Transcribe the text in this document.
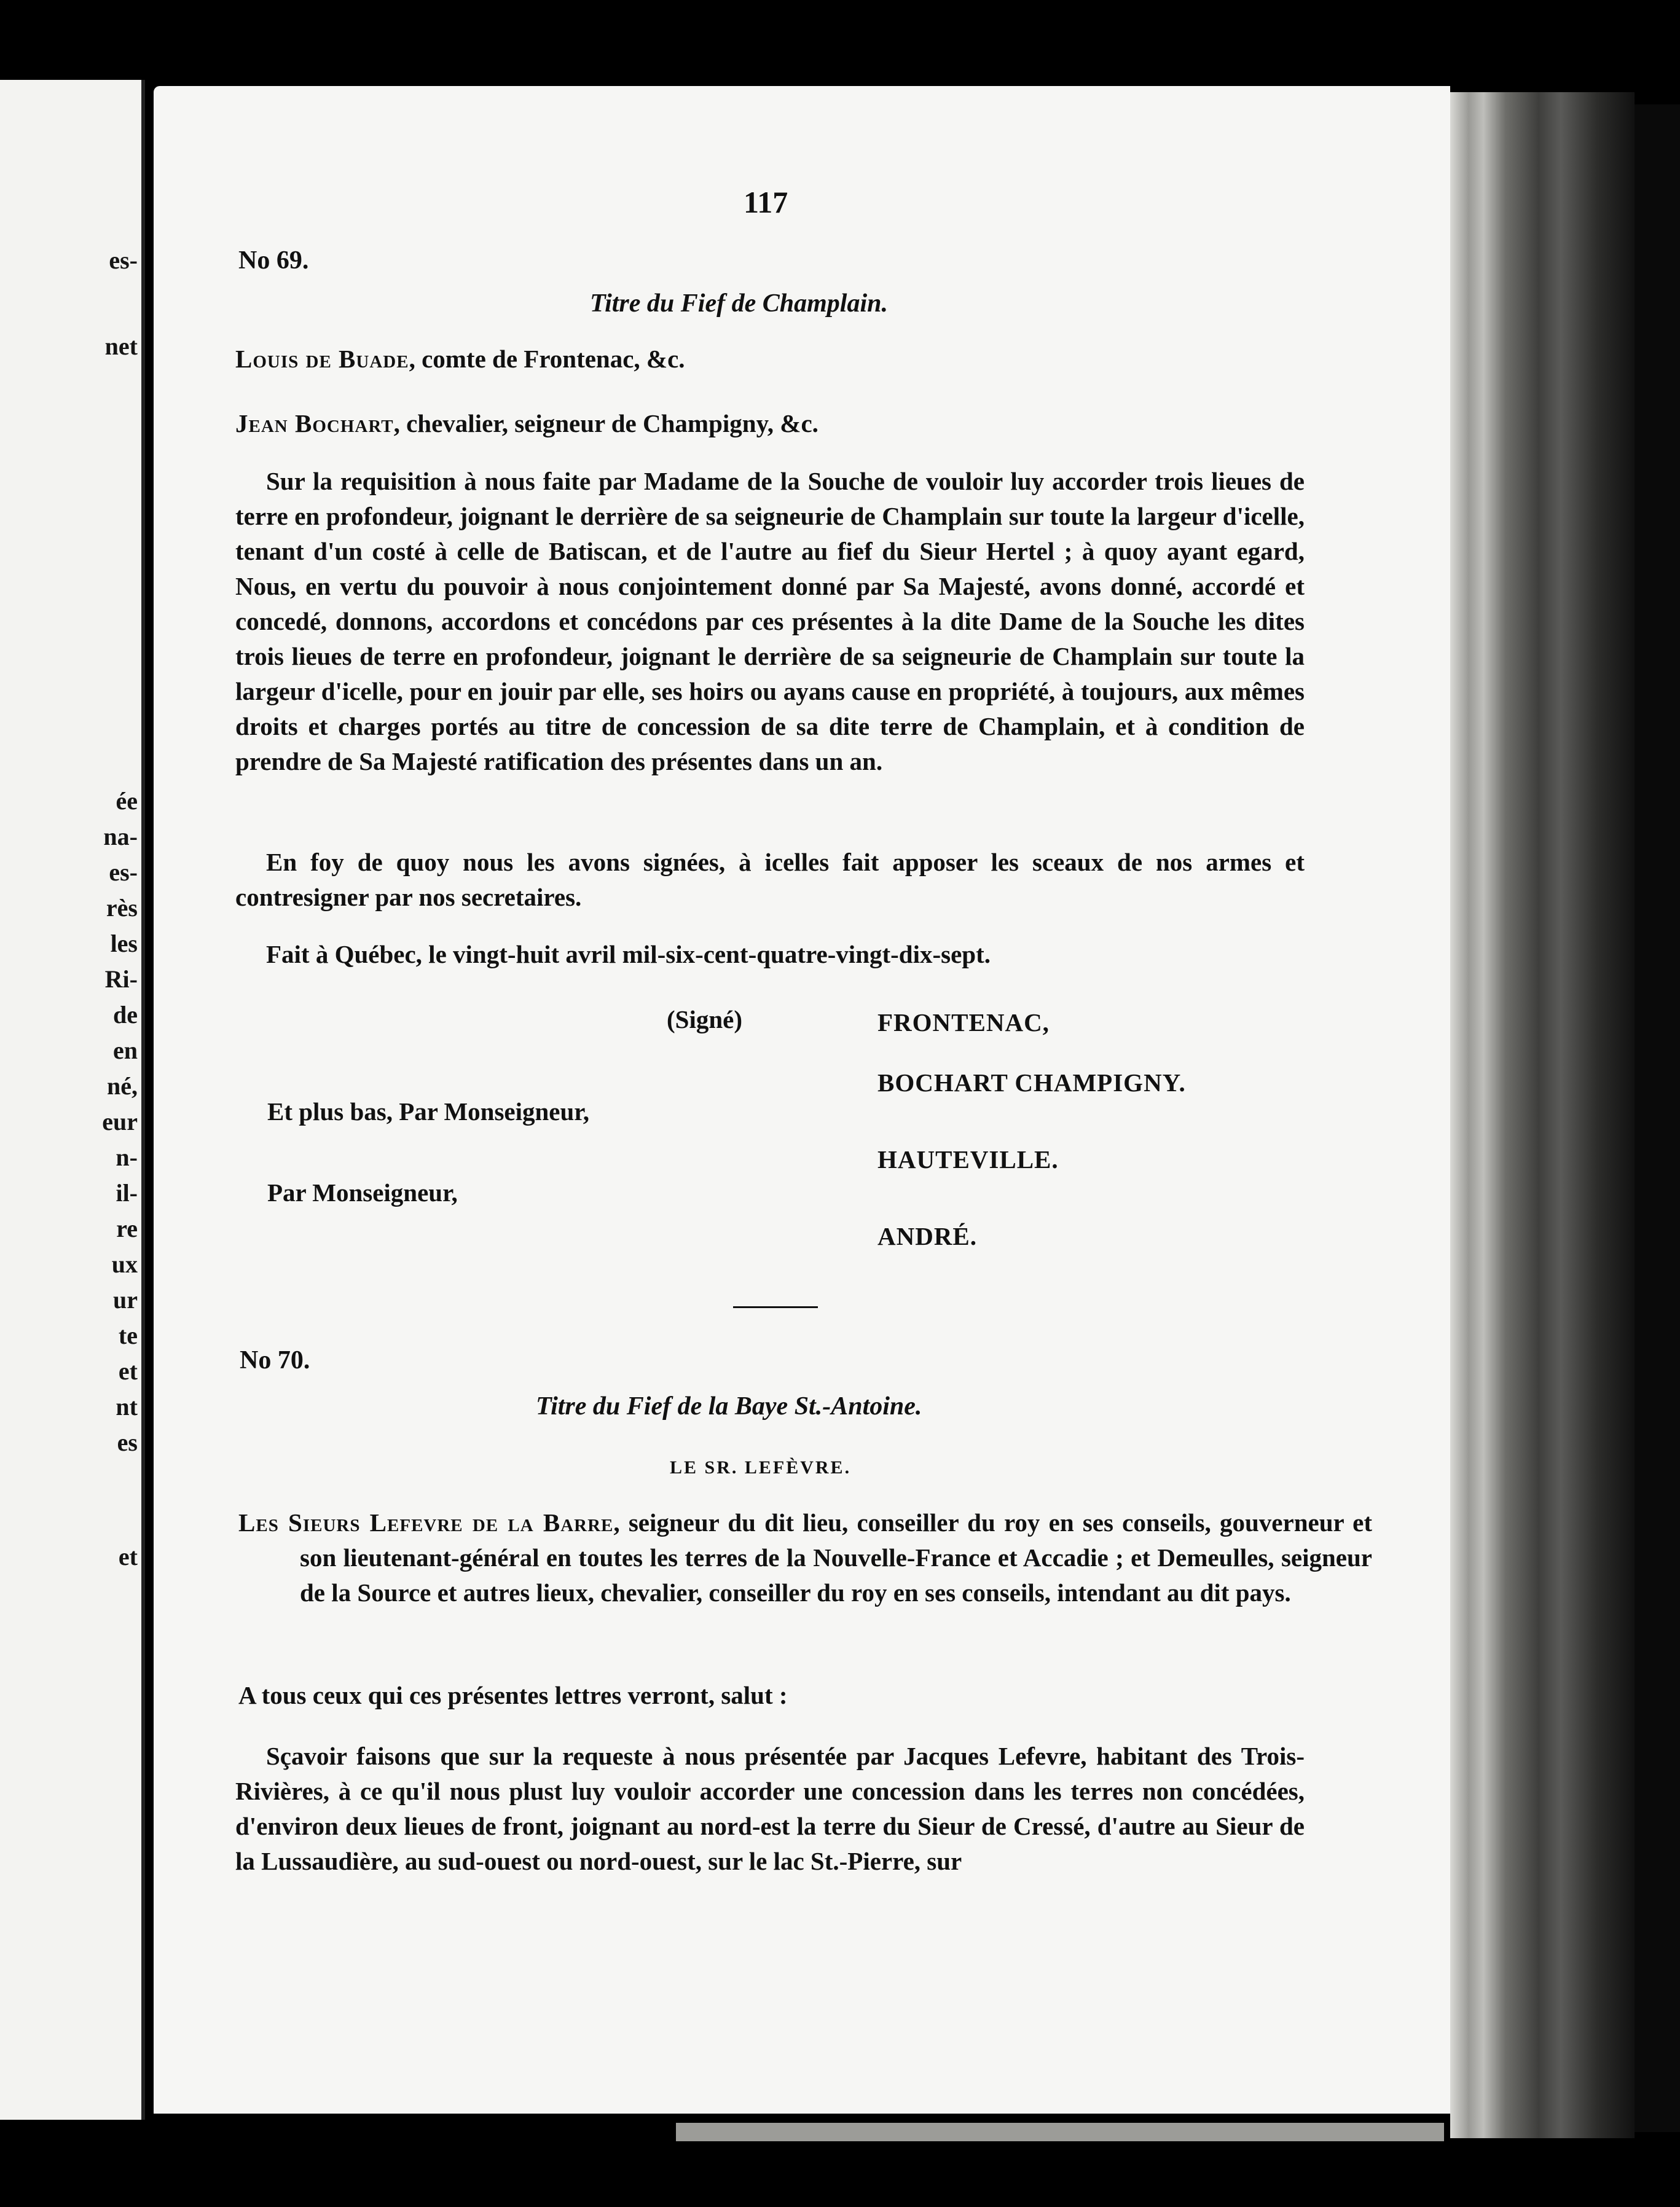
es-
net
ée
na-
es-
rès
les
Ri-
de
en
né,
eur
n-
il-
re
ux
ur
te
et
nt
es
et
117
No 69.
Titre du Fief de Champlain.
Louis de Buade, comte de Frontenac, &c.
Jean Bochart, chevalier, seigneur de Champigny, &c.
Sur la requisition à nous faite par Madame de la Souche de vouloir luy accorder trois lieues de terre en profondeur, joignant le derrière de sa seigneurie de Champlain sur toute la largeur d'icelle, tenant d'un costé à celle de Batiscan, et de l'autre au fief du Sieur Hertel ; à quoy ayant egard, Nous, en vertu du pouvoir à nous conjointement donné par Sa Majesté, avons donné, accordé et concedé, donnons, accordons et concédons par ces présentes à la dite Dame de la Souche les dites trois lieues de terre en profondeur, joignant le derrière de sa seigneurie de Champlain sur toute la largeur d'icelle, pour en jouir par elle, ses hoirs ou ayans cause en propriété, à toujours, aux mêmes droits et charges portés au titre de concession de sa dite terre de Champlain, et à condition de prendre de Sa Majesté ratification des présentes dans un an.
En foy de quoy nous les avons signées, à icelles fait apposer les sceaux de nos armes et contresigner par nos secretaires.
Fait à Québec, le vingt-huit avril mil-six-cent-quatre-vingt-dix-sept.
(Signé)	FRONTENAC,
BOCHART CHAMPIGNY.
Et plus bas, Par Monseigneur,
HAUTEVILLE.
Par Monseigneur,
ANDRÉ.
No 70.
Titre du Fief de la Baye St.-Antoine.
LE SR. LEFÈVRE.
Les Sieurs Lefevre de la Barre, seigneur du dit lieu, conseiller du roy en ses conseils, gouverneur et son lieutenant-général en toutes les terres de la Nouvelle-France et Accadie ; et Demeulles, seigneur de la Source et autres lieux, chevalier, conseiller du roy en ses conseils, intendant au dit pays.
A tous ceux qui ces présentes lettres verront, salut :
Sçavoir faisons que sur la requeste à nous présentée par Jacques Lefevre, habitant des Trois-Rivières, à ce qu'il nous plust luy vouloir accorder une concession dans les terres non concédées, d'environ deux lieues de front, joignant au nord-est la terre du Sieur de Cressé, d'autre au Sieur de la Lussaudière, au sud-ouest ou nord-ouest, sur le lac St.-Pierre, sur
